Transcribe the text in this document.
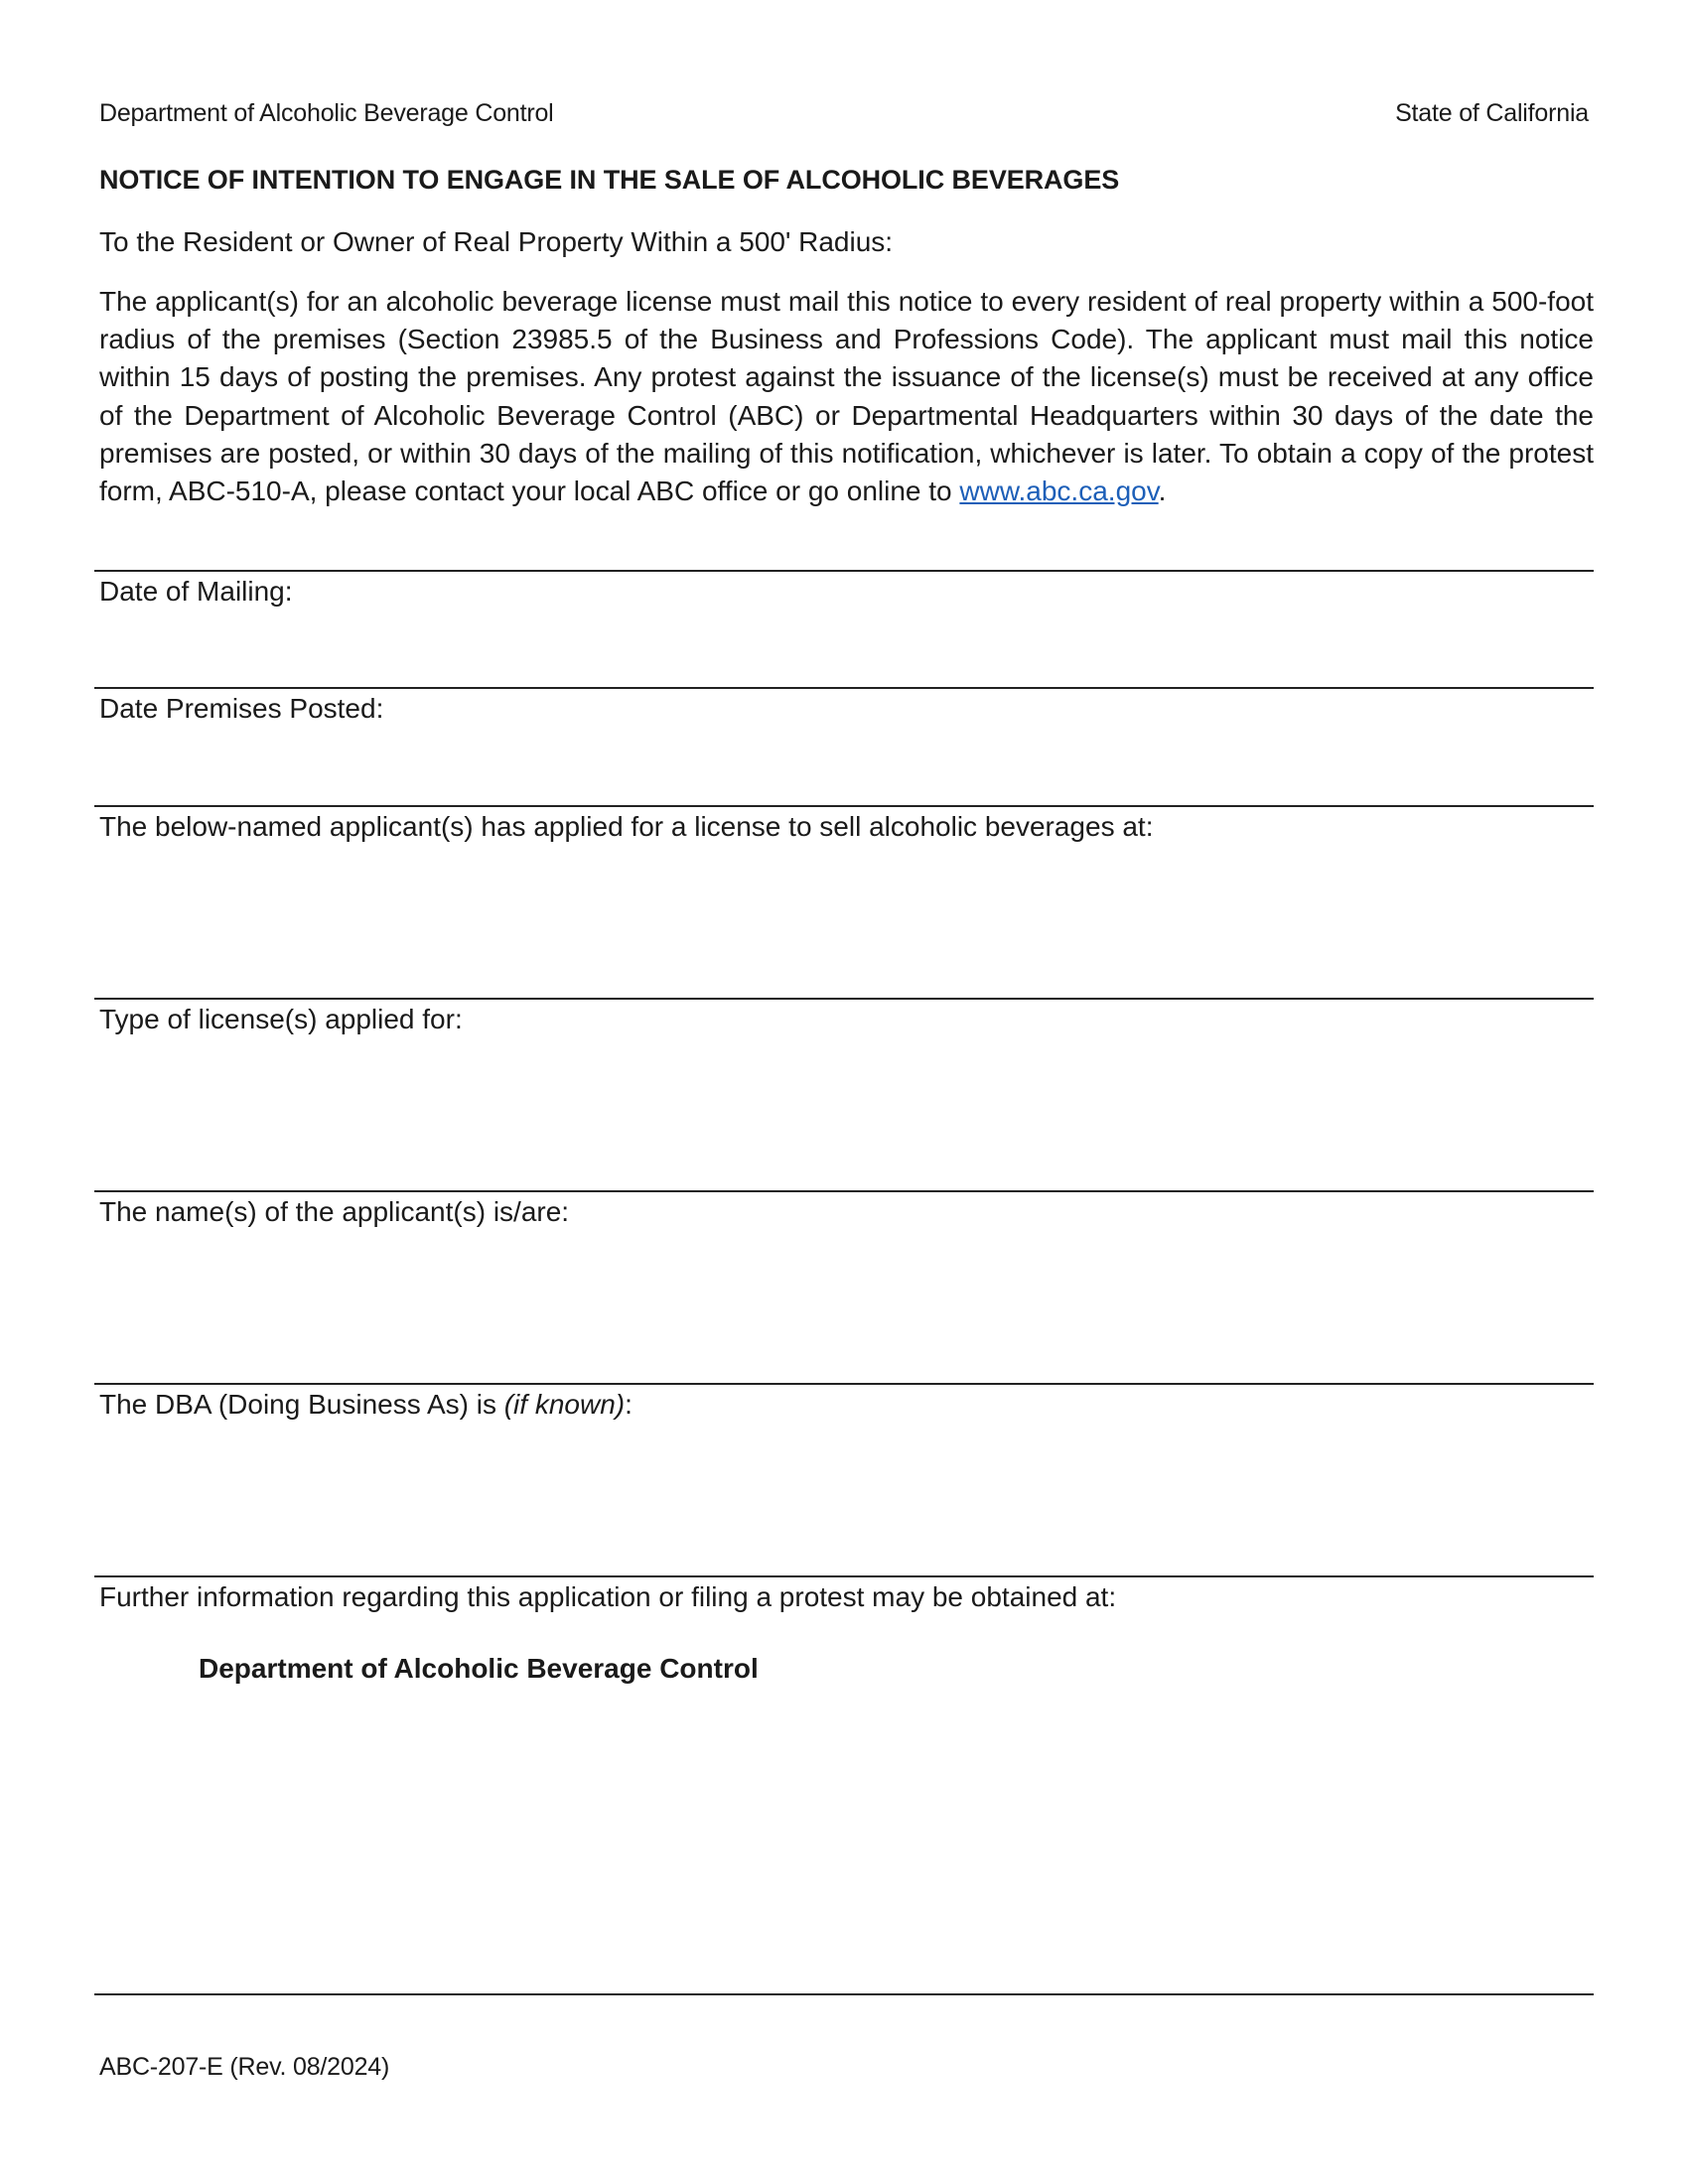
Department of Alcoholic Beverage Control	State of California
NOTICE OF INTENTION TO ENGAGE IN THE SALE OF ALCOHOLIC BEVERAGES
To the Resident or Owner of Real Property Within a 500' Radius:
The applicant(s) for an alcoholic beverage license must mail this notice to every resident of real property within a 500-foot radius of the premises (Section 23985.5 of the Business and Professions Code). The applicant must mail this notice within 15 days of posting the premises. Any protest against the issuance of the license(s) must be received at any office of the Department of Alcoholic Beverage Control (ABC) or Departmental Headquarters within 30 days of the date the premises are posted, or within 30 days of the mailing of this notification, whichever is later. To obtain a copy of the protest form, ABC-510-A, please contact your local ABC office or go online to www.abc.ca.gov.
Date of Mailing:
Date Premises Posted:
The below-named applicant(s) has applied for a license to sell alcoholic beverages at:
Type of license(s) applied for:
The name(s) of the applicant(s) is/are:
The DBA (Doing Business As) is (if known):
Further information regarding this application or filing a protest may be obtained at:
Department of Alcoholic Beverage Control
ABC-207-E (Rev. 08/2024)
